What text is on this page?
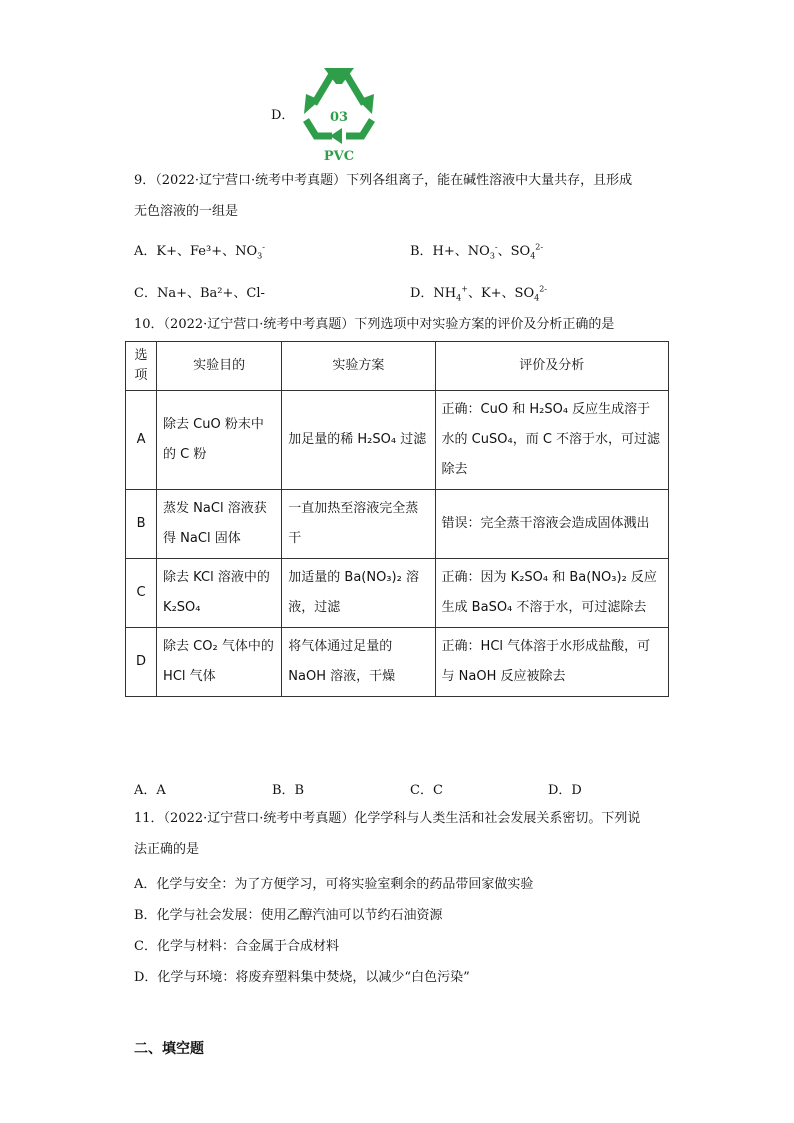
D．	03
PVC
9．（2022·辽宁营口·统考中考真题）下列各组离子，能在碱性溶液中大量共存，且形成
无色溶液的一组是
A．K+、Fe³+、$NO_3^-$	B．H+、$NO_3^-$、$SO_4^{2-}$
C．Na+、Ba²+、Cl-	D．$NH_4^+$、K+、$SO_4^{2-}$
10．（2022·辽宁营口·统考中考真题）下列选项中对实验方案的评价及分析正确的是
选项	实验目的	实验方案	评价及分析
A	除去 CuO 粉末中的 C 粉	加足量的稀 H₂SO₄ 过滤	正确：CuO 和 H₂SO₄ 反应生成溶于水的 CuSO₄，而 C 不溶于水，可过滤除去
B	蒸发 NaCl 溶液获得 NaCl 固体	一直加热至溶液完全蒸干	错误：完全蒸干溶液会造成固体溅出
C	除去 KCl 溶液中的 K₂SO₄	加适量的 Ba(NO₃)₂ 溶液，过滤	正确：因为 K₂SO₄ 和 Ba(NO₃)₂ 反应生成 BaSO₄ 不溶于水，可过滤除去
D	除去 CO₂ 气体中的 HCl 气体	将气体通过足量的 NaOH 溶液，干燥	正确：HCl 气体溶于水形成盐酸，可与 NaOH 反应被除去
A．A	B．B	C．C	D．D
11．（2022·辽宁营口·统考中考真题）化学学科与人类生活和社会发展关系密切。下列说
法正确的是
A．化学与安全：为了方便学习，可将实验室剩余的药品带回家做实验
B．化学与社会发展：使用乙醇汽油可以节约石油资源
C．化学与材料：合金属于合成材料
D．化学与环境：将废弃塑料集中焚烧，以减少“白色污染”
二、填空题
